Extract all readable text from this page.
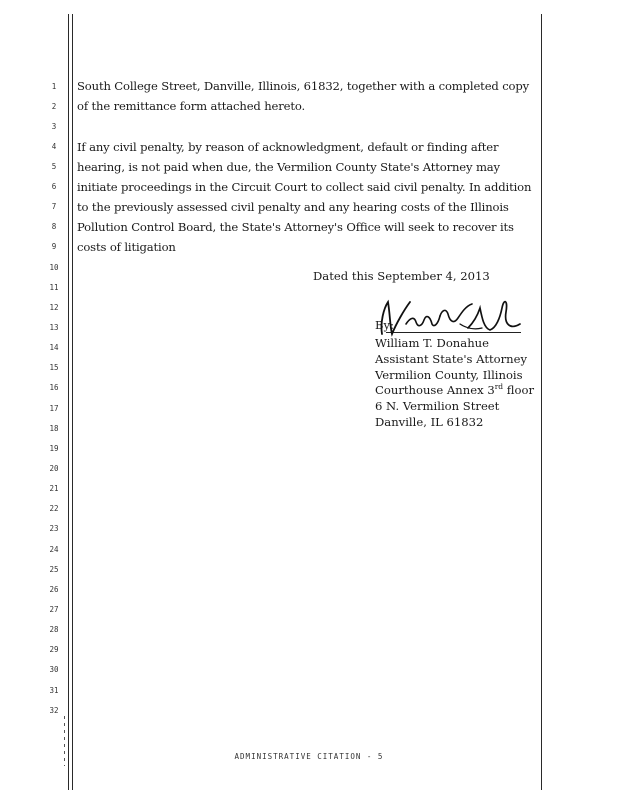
1
2
3
4
5
6
7
8
9
10
11
12
13
14
15
16
17
18
19
20
21
22
23
24
25
26
27
28
29
30
31
32
South College Street, Danville, Illinois, 61832, together with a completed copy
of the remittance form attached hereto.
If any civil penalty, by reason of acknowledgment, default or finding after
hearing, is not paid when due, the Vermilion County State's Attorney may
initiate proceedings in the Circuit Court to collect said civil penalty. In addition
to the previously assessed civil penalty and any hearing costs of the Illinois
Pollution Control Board, the State's Attorney's Office will seek to recover its
costs of litigation
Dated this September 4, 2013
By:
William T. Donahue
Assistant State's Attorney
Vermilion County, Illinois
Courthouse Annex 3rd floor
6 N. Vermilion Street
Danville, IL 61832
ADMINISTRATIVE CITATION - 5
